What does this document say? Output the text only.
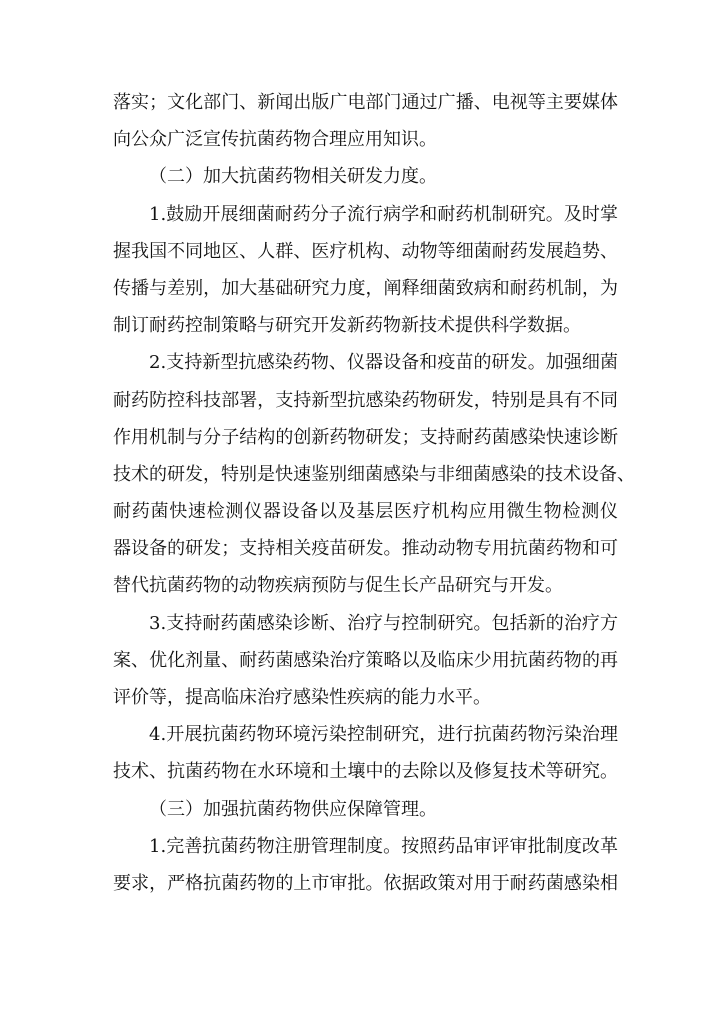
落实；文化部门、新闻出版广电部门通过广播、电视等主要媒体
向公众广泛宣传抗菌药物合理应用知识。
（二）加大抗菌药物相关研发力度。
1.鼓励开展细菌耐药分子流行病学和耐药机制研究。及时掌
握我国不同地区、人群、医疗机构、动物等细菌耐药发展趋势、
传播与差别，加大基础研究力度，阐释细菌致病和耐药机制，为
制订耐药控制策略与研究开发新药物新技术提供科学数据。
2.支持新型抗感染药物、仪器设备和疫苗的研发。加强细菌
耐药防控科技部署，支持新型抗感染药物研发，特别是具有不同
作用机制与分子结构的创新药物研发；支持耐药菌感染快速诊断
技术的研发，特别是快速鉴别细菌感染与非细菌感染的技术设备、
耐药菌快速检测仪器设备以及基层医疗机构应用微生物检测仪
器设备的研发；支持相关疫苗研发。推动动物专用抗菌药物和可
替代抗菌药物的动物疾病预防与促生长产品研究与开发。
3.支持耐药菌感染诊断、治疗与控制研究。包括新的治疗方
案、优化剂量、耐药菌感染治疗策略以及临床少用抗菌药物的再
评价等，提高临床治疗感染性疾病的能力水平。
4.开展抗菌药物环境污染控制研究，进行抗菌药物污染治理
技术、抗菌药物在水环境和土壤中的去除以及修复技术等研究。
（三）加强抗菌药物供应保障管理。
1.完善抗菌药物注册管理制度。按照药品审评审批制度改革
要求，严格抗菌药物的上市审批。依据政策对用于耐药菌感染相
